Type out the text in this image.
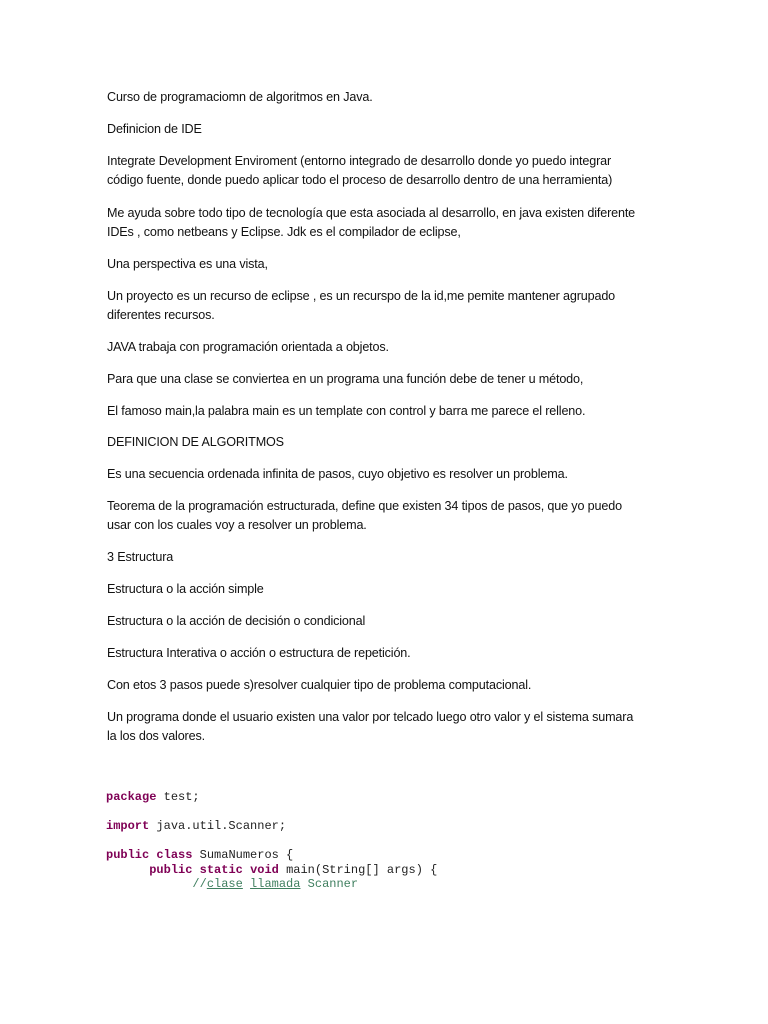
Curso de programaciomn de algoritmos en Java.

Definicion de IDE

Integrate Development Enviroment (entorno integrado de desarrollo donde yo puedo integrar
código fuente, donde puedo aplicar todo el proceso de desarrollo dentro de una herramienta)

Me ayuda sobre todo tipo de tecnología que esta asociada al desarrollo, en java existen diferente
IDEs , como netbeans y Eclipse. Jdk es el compilador de eclipse,

Una perspectiva es una vista,

Un proyecto es un recurso de eclipse , es un recurspo de la id,me pemite mantener agrupado
diferentes recursos.

JAVA trabaja con programación orientada a objetos.

Para que una clase se conviertea en un programa una función debe de tener u método,

El famoso main,la palabra main es un template con control y barra me parece el relleno.

DEFINICION DE ALGORITMOS

Es una secuencia ordenada infinita de pasos, cuyo objetivo es resolver un problema.

Teorema de la programación estructurada, define que existen 34 tipos de pasos, que yo puedo
usar con los cuales voy a resolver un problema.

3 Estructura

Estructura o la acción simple

Estructura o la acción de decisión o condicional

Estructura Interativa o acción o estructura de repetición.

Con etos 3 pasos puede s)resolver cualquier tipo de problema computacional.

Un programa donde el usuario existen una valor por telcado luego otro valor y el sistema sumara
la los dos valores.

package test;
import java.util.Scanner;
public class SumaNumeros {
public static void main(String[] args) {
//clase llamada Scanner
